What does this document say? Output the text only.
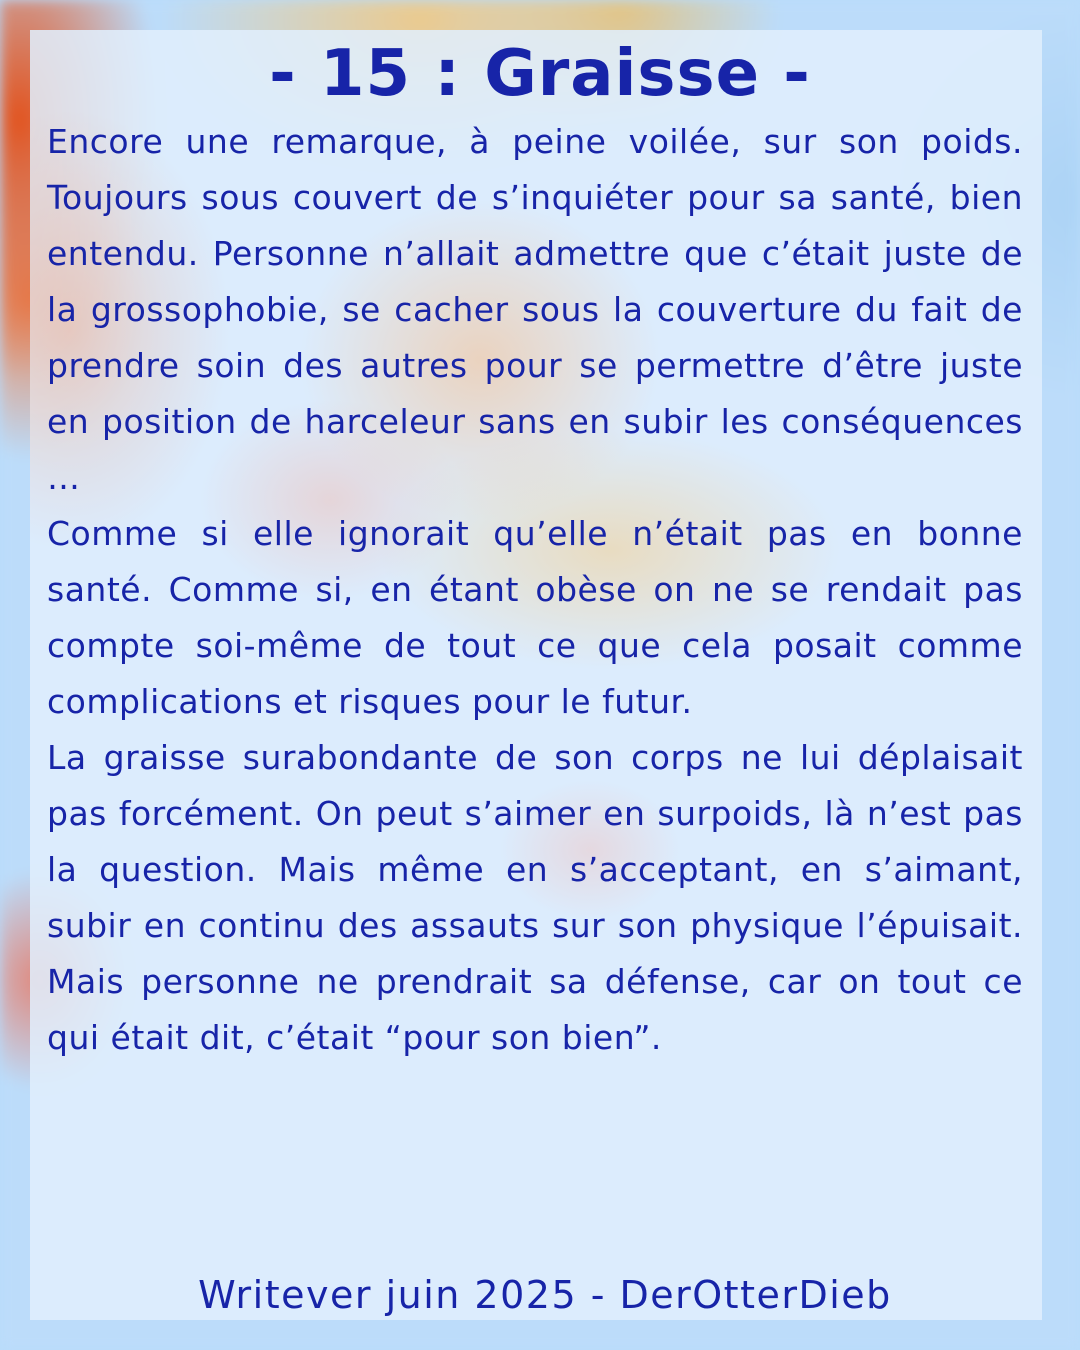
- 15 : Graisse -

Encore une remarque, à peine voilée, sur son poids. Toujours sous couvert de s’inquiéter pour sa santé, bien entendu. Personne n’allait admettre que c’était juste de la grossophobie, se cacher sous la couverture du fait de prendre soin des autres pour se permettre d’être juste en position de harceleur sans en subir les conséquences …

Comme si elle ignorait qu’elle n’était pas en bonne santé. Comme si, en étant obèse on ne se rendait pas compte soi-même de tout ce que cela posait comme complications et risques pour le futur.

La graisse surabondante de son corps ne lui déplaisait pas forcément. On peut s’aimer en surpoids, là n’est pas la question. Mais même en s’acceptant, en s’aimant, subir en continu des assauts sur son physique l’épuisait. Mais personne ne prendrait sa défense, car on tout ce qui était dit, c’était “pour son bien”.

Writever juin 2025 - DerOtterDieb
